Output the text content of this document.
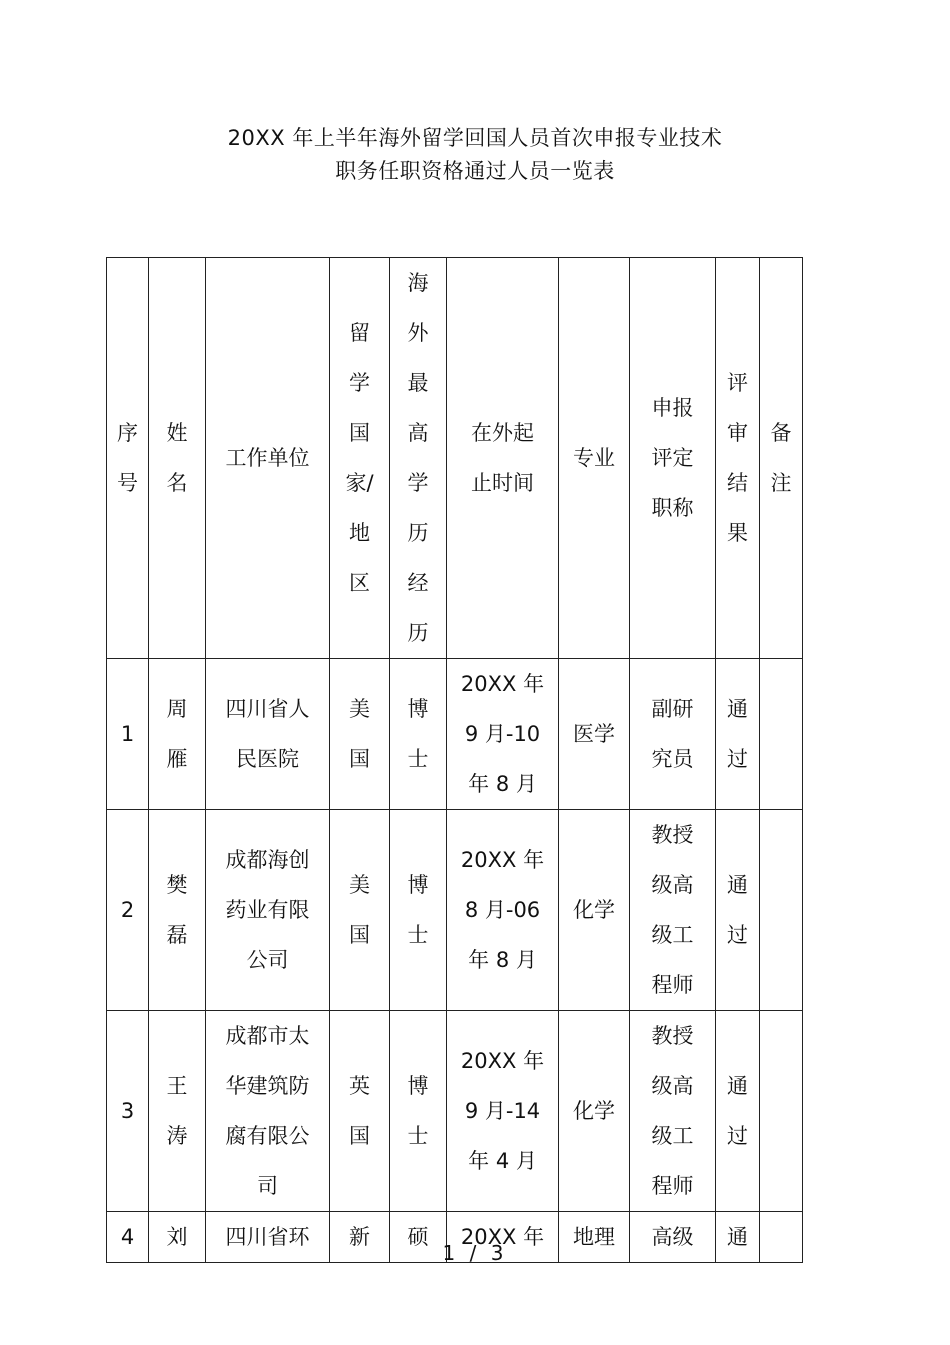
20XX 年上半年海外留学回国人员首次申报专业技术
职务任职资格通过人员一览表
序号	姓名	工作单位	留学国家/地区	海外最高学历经历	在外起止时间	专业	申报评定职称	评审结果	备注

1	周雁	四川省人民医院	美国	博士	20XX 年9 月-10年 8 月	医学	副研究员	通过	

2	樊磊	成都海创药业有限公司	美国	博士	20XX 年8 月-06年 8 月	化学	教授级高级工程师	通过	

3	王涛	成都市太华建筑防腐有限公司	英国	博士	20XX 年9 月-14年 4 月	化学	教授级高级工程师	通过	

4	刘	四川省环	新	硕	20XX 年	地理	高级	通	
1 / 3
